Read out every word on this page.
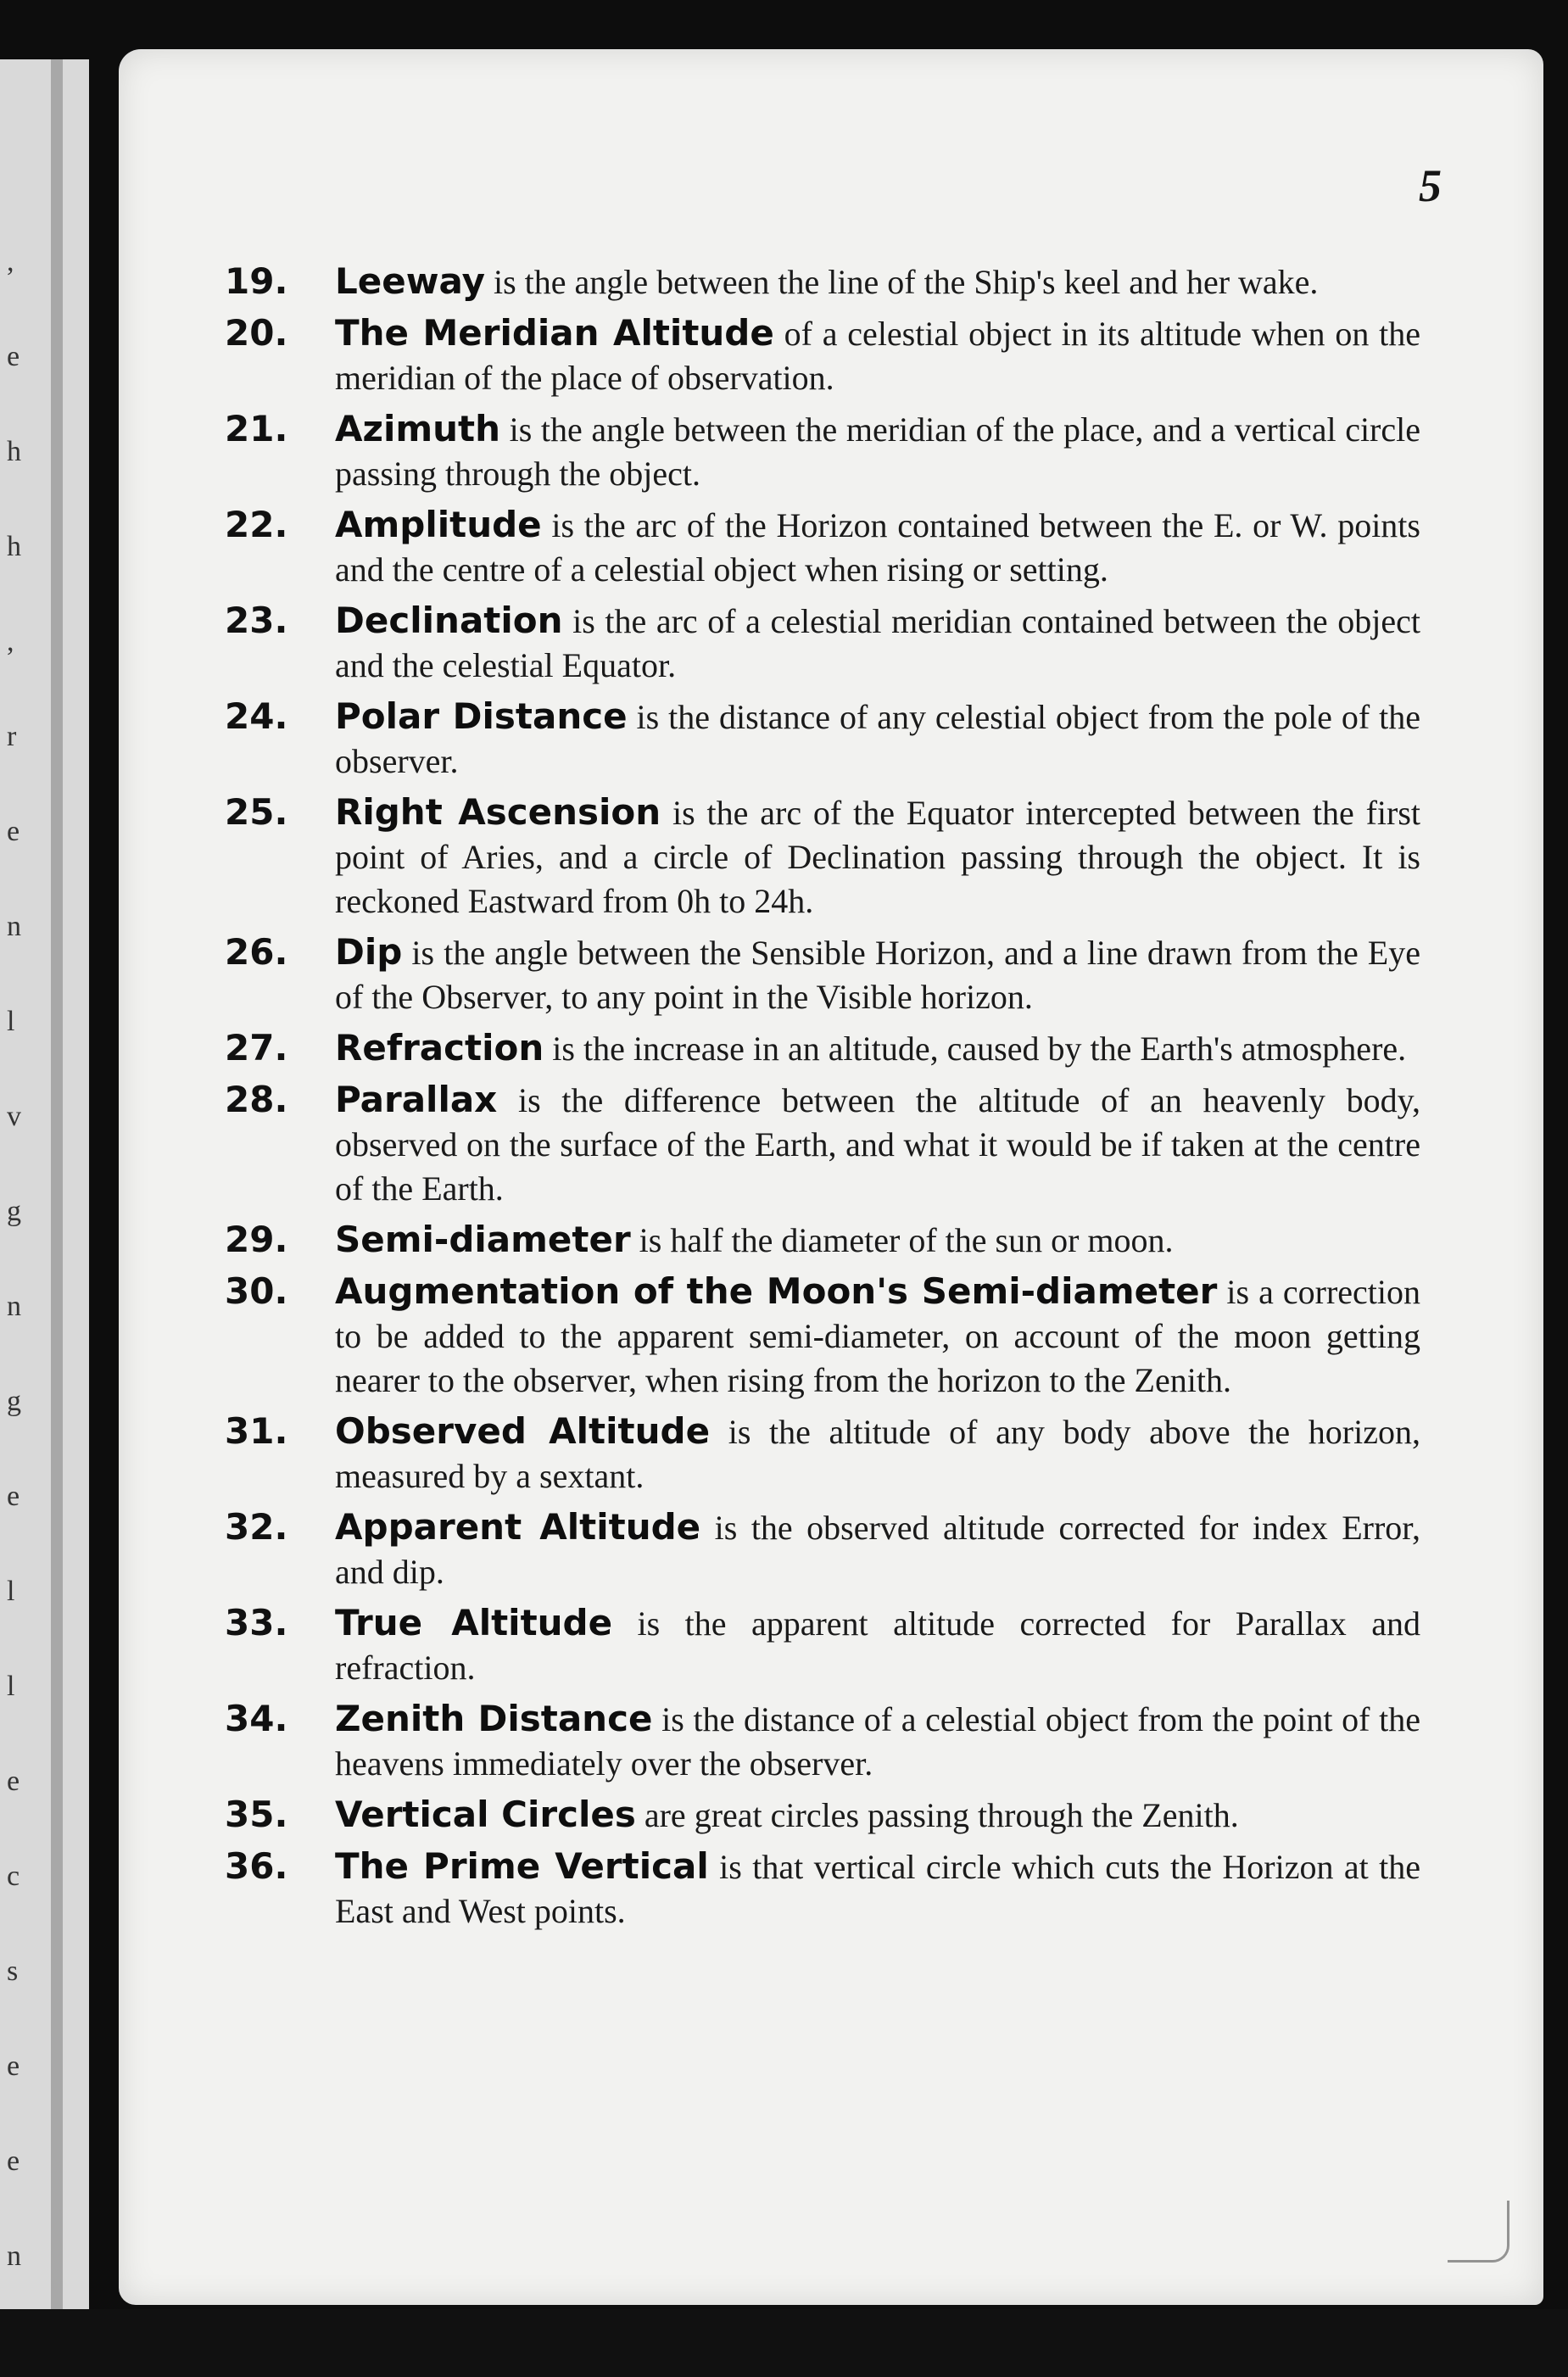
,
e
h
h
,
r
e
n
l
v
g
n
g
e
l
l
e
c
s
e
e
n
5
19.	Leeway is the angle between the line of the Ship's keel and her wake.
20.	The Meridian Altitude of a celestial object in its altitude when on the meridian of the place of observation.
21.	Azimuth is the angle between the meridian of the place, and a vertical circle passing through the object.
22.	Amplitude is the arc of the Horizon contained between the E. or W. points and the centre of a celestial object when rising or setting.
23.	Declination is the arc of a celestial meridian contained between the object and the celestial Equator.
24.	Polar Distance is the distance of any celestial object from the pole of the observer.
25.	Right Ascension is the arc of the Equator intercepted between the first point of Aries, and a circle of Declination passing through the object. It is reckoned Eastward from 0h to 24h.
26.	Dip is the angle between the Sensible Horizon, and a line drawn from the Eye of the Observer, to any point in the Visible horizon.
27.	Refraction is the increase in an altitude, caused by the Earth's atmosphere.
28.	Parallax is the difference between the altitude of an heavenly body, observed on the surface of the Earth, and what it would be if taken at the centre of the Earth.
29.	Semi-diameter is half the diameter of the sun or moon.
30.	Augmentation of the Moon's Semi-diameter is a correction to be added to the apparent semi-diameter, on account of the moon getting nearer to the observer, when rising from the horizon to the Zenith.
31.	Observed Altitude is the altitude of any body above the horizon, measured by a sextant.
32.	Apparent Altitude is the observed altitude corrected for index Error, and dip.
33.	True Altitude is the apparent altitude corrected for Parallax and refraction.
34.	Zenith Distance is the distance of a celestial object from the point of the heavens immediately over the observer.
35.	Vertical Circles are great circles passing through the Zenith.
36.	The Prime Vertical is that vertical circle which cuts the Horizon at the East and West points.
